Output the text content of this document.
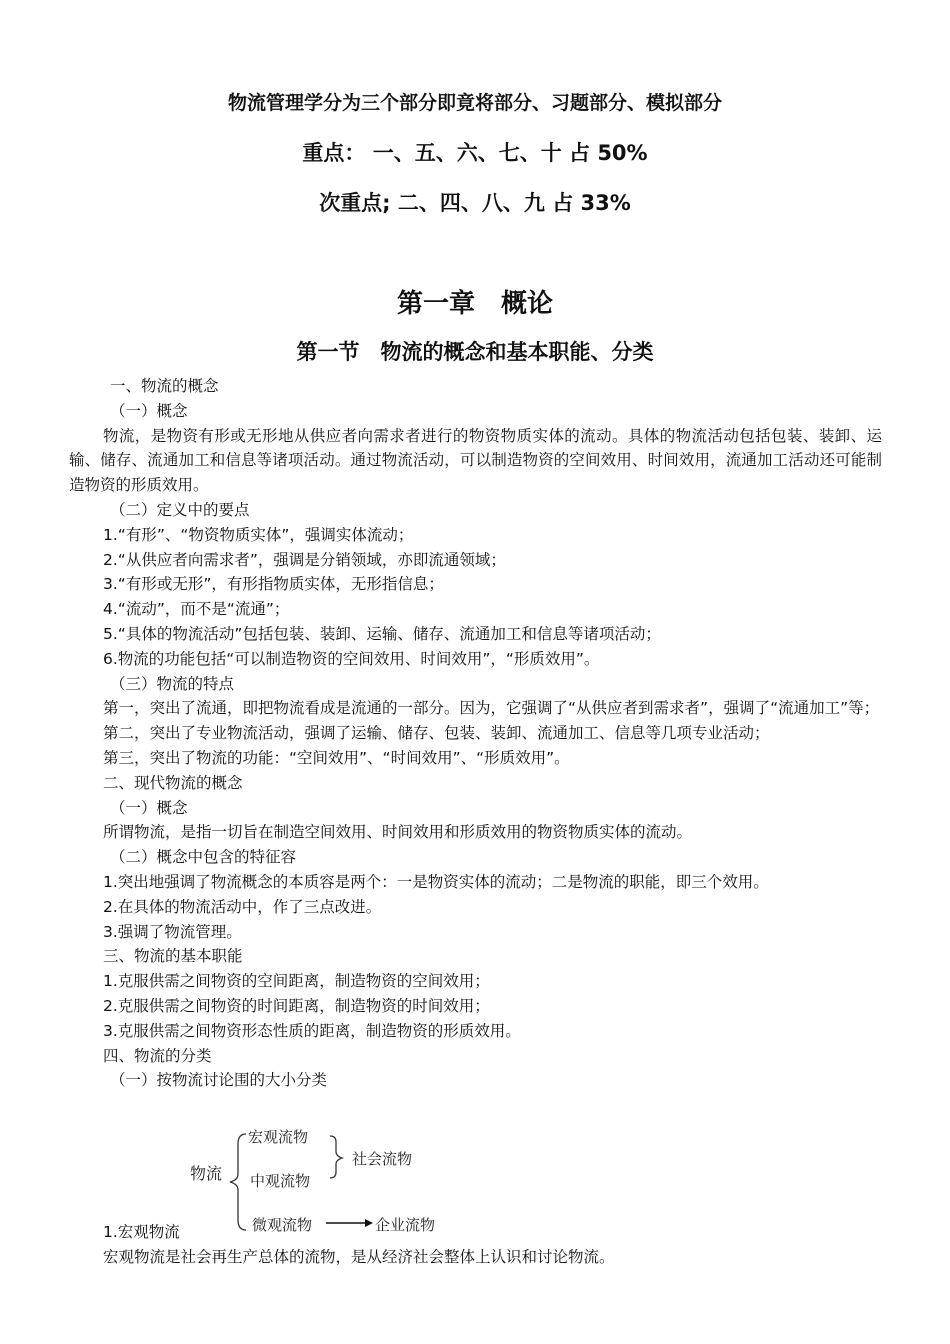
物流管理学分为三个部分即竟将部分、习题部分、模拟部分
重点： 一、五、六、七、十 占 50%
次重点; 二、四、八、九 占 33%
第一章　概论
第一节　物流的概念和基本职能、分类
一、物流的概念
（一）概念
物流，是物资有形或无形地从供应者向需求者进行的物资物质实体的流动。具体的物流活动包括包装、装卸、运输、储存、流通加工和信息等诸项活动。通过物流活动，可以制造物资的空间效用、时间效用，流通加工活动还可能制造物资的形质效用。
（二）定义中的要点
1.“有形”、“物资物质实体”，强调实体流动；
2.“从供应者向需求者”，强调是分销领域，亦即流通领域；
3.“有形或无形”，有形指物质实体，无形指信息；
4.“流动”，而不是“流通”；
5.“具体的物流活动”包括包装、装卸、运输、储存、流通加工和信息等诸项活动；
6.物流的功能包括“可以制造物资的空间效用、时间效用”，“形质效用”。
（三）物流的特点
第一，突出了流通，即把物流看成是流通的一部分。因为，它强调了“从供应者到需求者”，强调了“流通加工”等；
第二，突出了专业物流活动，强调了运输、储存、包装、装卸、流通加工、信息等几项专业活动；
第三，突出了物流的功能：“空间效用”、“时间效用”、“形质效用”。
二、现代物流的概念
（一）概念
所谓物流，是指一切旨在制造空间效用、时间效用和形质效用的物资物质实体的流动。
（二）概念中包含的特征容
1.突出地强调了物流概念的本质容是两个：一是物资实体的流动；二是物流的职能，即三个效用。
2.在具体的物流活动中，作了三点改进。
3.强调了物流管理。
三、物流的基本职能
1.克服供需之间物资的空间距离，制造物资的空间效用；
2.克服供需之间物资的时间距离，制造物资的时间效用；
3.克服供需之间物资形态性质的距离，制造物资的形质效用。
四、物流的分类
（一）按物流讨论围的大小分类
物流
宏观流物
中观流物
微观流物
社会流物
企业流物
1.宏观物流
宏观物流是社会再生产总体的流物，是从经济社会整体上认识和讨论物流。
